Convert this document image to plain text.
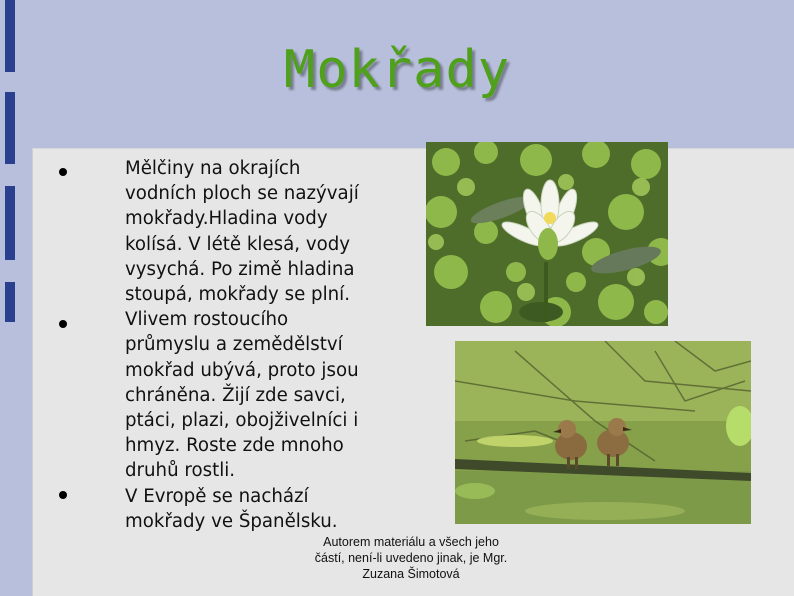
Mokřady
Mělčiny na okrajích
vodních ploch se nazývají
mokřady.Hladina vody
kolísá. V létě klesá, vody
vysychá. Po zimě hladina
stoupá, mokřady se plní.
Vlivem rostoucího
průmyslu a zemědělství
mokřad ubývá, proto jsou
chráněna. Žijí zde savci,
ptáci, plazi, obojživelníci i
hmyz. Roste zde mnoho
druhů rostli.
V Evropě se nachází
mokřady ve Španělsku.
Autorem materiálu a všech jeho
částí, není-li uvedeno jinak, je Mgr.
Zuzana Šimotová
